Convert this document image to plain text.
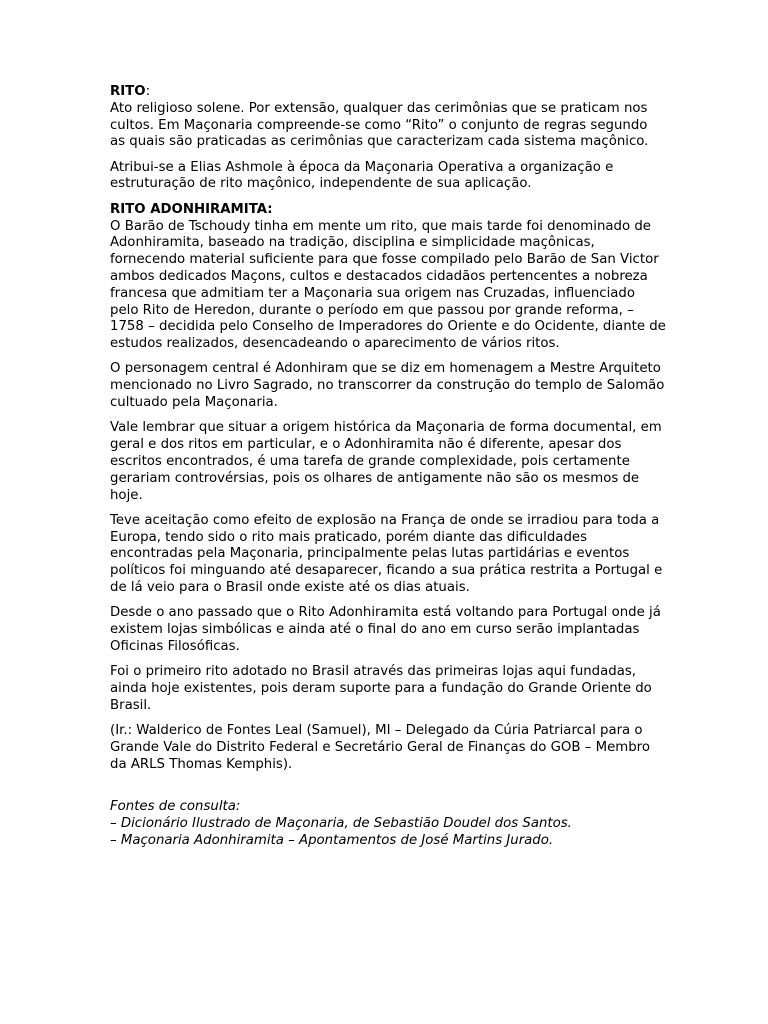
RITO:

Ato religioso solene. Por extensão, qualquer das cerimônias que se praticam nos cultos. Em Maçonaria compreende-se como “Rito” o conjunto de regras segundo as quais são praticadas as cerimônias que caracterizam cada sistema maçônico.

Atribui-se a Elias Ashmole à época da Maçonaria Operativa a organização e estruturação de rito maçônico, independente de sua aplicação.

RITO ADONHIRAMITA:

O Barão de Tschoudy tinha em mente um rito, que mais tarde foi denominado de Adonhiramita, baseado na tradição, disciplina e simplicidade maçônicas, fornecendo material suficiente para que fosse compilado pelo Barão de San Victor ambos dedicados Maçons, cultos e destacados cidadãos pertencentes a nobreza francesa que admitiam ter a Maçonaria sua origem nas Cruzadas, influenciado pelo Rito de Heredon, durante o período em que passou por grande reforma, – 1758 – decidida pelo Conselho de Imperadores do Oriente e do Ocidente, diante de estudos realizados, desencadeando o aparecimento de vários ritos.

O personagem central é Adonhiram que se diz em homenagem a Mestre Arquiteto mencionado no Livro Sagrado, no transcorrer da construção do templo de Salomão cultuado pela Maçonaria.

Vale lembrar que situar a origem histórica da Maçonaria de forma documental, em geral e dos ritos em particular, e o Adonhiramita não é diferente, apesar dos escritos encontrados, é uma tarefa de grande complexidade, pois certamente gerariam controvérsias, pois os olhares de antigamente não são os mesmos de hoje.

Teve aceitação como efeito de explosão na França de onde se irradiou para toda a Europa, tendo sido o rito mais praticado, porém diante das dificuldades encontradas pela Maçonaria, principalmente pelas lutas partidárias e eventos políticos foi minguando até desaparecer, ficando a sua prática restrita a Portugal e de lá veio para o Brasil onde existe até os dias atuais.

Desde o ano passado que o Rito Adonhiramita está voltando para Portugal onde já existem lojas simbólicas e ainda até o final do ano em curso serão implantadas Oficinas Filosóficas.

Foi o primeiro rito adotado no Brasil através das primeiras lojas aqui fundadas, ainda hoje existentes, pois deram suporte para a fundação do Grande Oriente do Brasil.

(Ir.: Walderico de Fontes Leal (Samuel), MI – Delegado da Cúria Patriarcal para o Grande Vale do Distrito Federal e Secretário Geral de Finanças do GOB – Membro da ARLS Thomas Kemphis).

Fontes de consulta:
– Dicionário Ilustrado de Maçonaria, de Sebastião Doudel dos Santos.
– Maçonaria Adonhiramita – Apontamentos de José Martins Jurado.
